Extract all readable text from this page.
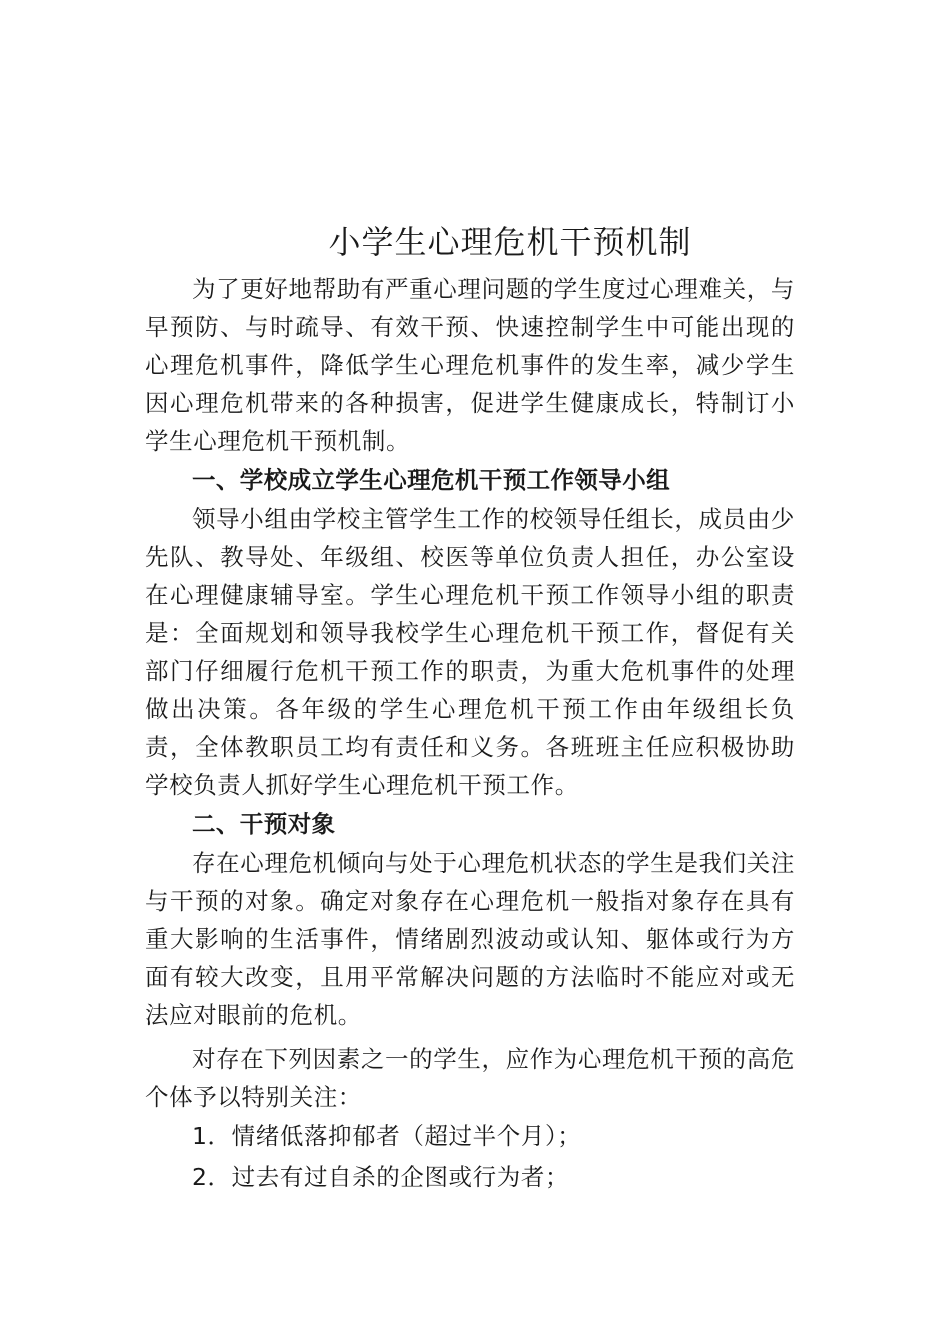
小学生心理危机干预机制

为了更好地帮助有严重心理问题的学生度过心理难关，与早预防、与时疏导、有效干预、快速控制学生中可能出现的心理危机事件，降低学生心理危机事件的发生率，减少学生因心理危机带来的各种损害，促进学生健康成长，特制订小学生心理危机干预机制。

一、学校成立学生心理危机干预工作领导小组

领导小组由学校主管学生工作的校领导任组长，成员由少先队、教导处、年级组、校医等单位负责人担任，办公室设在心理健康辅导室。学生心理危机干预工作领导小组的职责是：全面规划和领导我校学生心理危机干预工作，督促有关部门仔细履行危机干预工作的职责，为重大危机事件的处理做出决策。各年级的学生心理危机干预工作由年级组长负责，全体教职员工均有责任和义务。各班班主任应积极协助学校负责人抓好学生心理危机干预工作。

二、干预对象

存在心理危机倾向与处于心理危机状态的学生是我们关注与干预的对象。确定对象存在心理危机一般指对象存在具有重大影响的生活事件，情绪剧烈波动或认知、躯体或行为方面有较大改变，且用平常解决问题的方法临时不能应对或无法应对眼前的危机。

对存在下列因素之一的学生，应作为心理危机干预的高危个体予以特别关注：

1．情绪低落抑郁者（超过半个月）；

2．过去有过自杀的企图或行为者；
